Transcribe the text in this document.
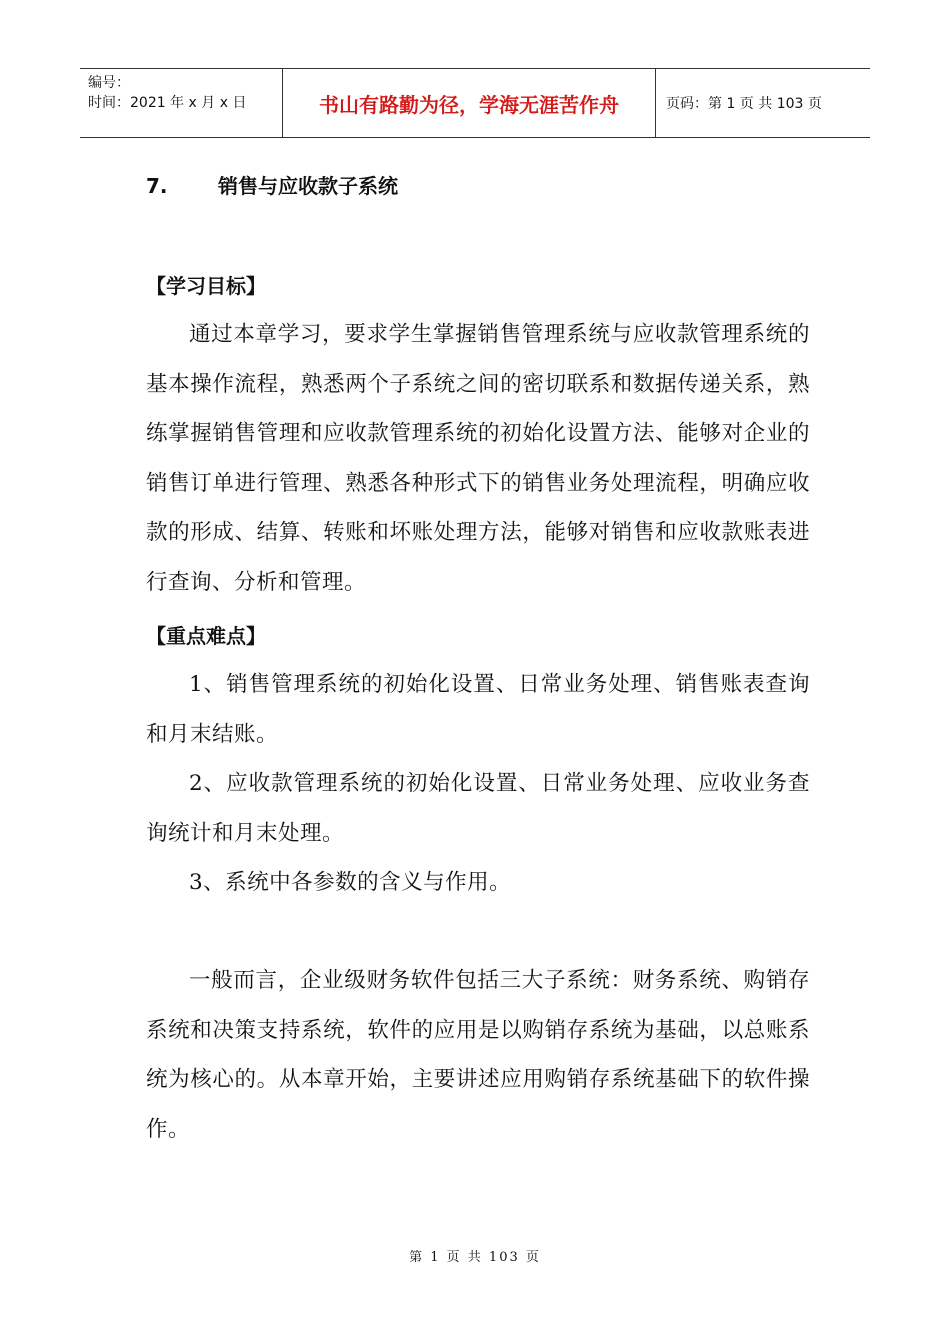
编号：
时间：2021 年 x 月 x 日	书山有路勤为径，学海无涯苦作舟	页码：第 1 页 共 103 页
7.	销售与应收款子系统
【学习目标】

通过本章学习，要求学生掌握销售管理系统与应收款管理系统的基本操作流程，熟悉两个子系统之间的密切联系和数据传递关系，熟练掌握销售管理和应收款管理系统的初始化设置方法、能够对企业的销售订单进行管理、熟悉各种形式下的销售业务处理流程，明确应收款的形成、结算、转账和坏账处理方法，能够对销售和应收款账表进行查询、分析和管理。

【重点难点】

1、销售管理系统的初始化设置、日常业务处理、销售账表查询和月末结账。

2、应收款管理系统的初始化设置、日常业务处理、应收业务查询统计和月末处理。

3、系统中各参数的含义与作用。

一般而言，企业级财务软件包括三大子系统：财务系统、购销存系统和决策支持系统，软件的应用是以购销存系统为基础，以总账系统为核心的。从本章开始，主要讲述应用购销存系统基础下的软件操作。

第 1 页 共 103 页
